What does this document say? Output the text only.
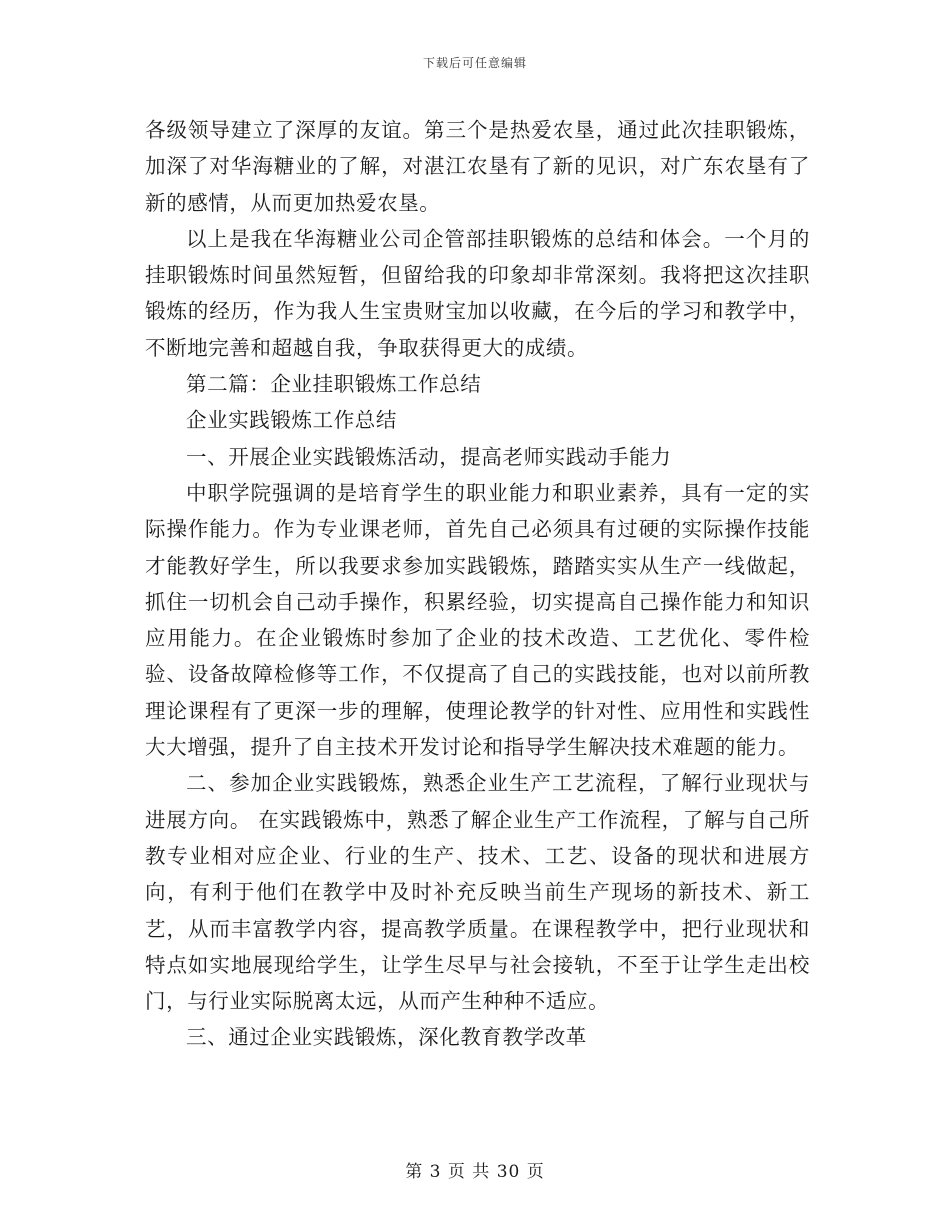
下载后可任意编辑

各级领导建立了深厚的友谊。第三个是热爱农垦，通过此次挂职锻炼，加深了对华海糖业的了解，对湛江农垦有了新的见识，对广东农垦有了新的感情，从而更加热爱农垦。

以上是我在华海糖业公司企管部挂职锻炼的总结和体会。一个月的挂职锻炼时间虽然短暂，但留给我的印象却非常深刻。我将把这次挂职锻炼的经历，作为我人生宝贵财宝加以收藏，在今后的学习和教学中，不断地完善和超越自我，争取获得更大的成绩。

第二篇：企业挂职锻炼工作总结

企业实践锻炼工作总结

一、开展企业实践锻炼活动，提高老师实践动手能力

中职学院强调的是培育学生的职业能力和职业素养，具有一定的实际操作能力。作为专业课老师，首先自己必须具有过硬的实际操作技能才能教好学生，所以我要求参加实践锻炼，踏踏实实从生产一线做起，抓住一切机会自己动手操作，积累经验，切实提高自己操作能力和知识应用能力。在企业锻炼时参加了企业的技术改造、工艺优化、零件检验、设备故障检修等工作，不仅提高了自己的实践技能，也对以前所教理论课程有了更深一步的理解，使理论教学的针对性、应用性和实践性大大增强，提升了自主技术开发讨论和指导学生解决技术难题的能力。

二、参加企业实践锻炼，熟悉企业生产工艺流程，了解行业现状与进展方向。 在实践锻炼中，熟悉了解企业生产工作流程，了解与自己所教专业相对应企业、行业的生产、技术、工艺、设备的现状和进展方向，有利于他们在教学中及时补充反映当前生产现场的新技术、新工艺，从而丰富教学内容，提高教学质量。在课程教学中，把行业现状和特点如实地展现给学生，让学生尽早与社会接轨，不至于让学生走出校门，与行业实际脱离太远，从而产生种种不适应。

三、通过企业实践锻炼，深化教育教学改革

第 3 页 共 30 页
